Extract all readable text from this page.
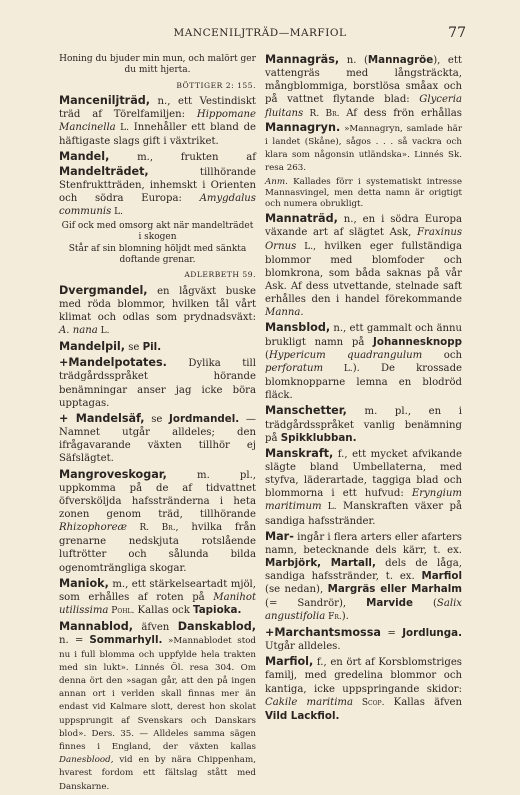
MANCENILJTRÄD—MARFIOL	77
Honing du bjuder min mun, och malört ger du mitt hjerta.
BÖTTIGER 2: 155.

Manceniljträd, n., ett Vestindiskt träd af Törelfamiljen: Hippomane Mancinella L. Innehåller ett bland de häftigaste slags gift i växtriket.

Mandel, m., frukten af Mandelträdet, tillhörande Stenfruktträden, inhemskt i Orienten och södra Europa: Amygdalus communis L.

Gif ock med omsorg akt när mandelträdet i skogen
Står af sin blomning höljdt med sänkta doftande grenar.
ADLERBETH 59.

Dvergmandel, en lågväxt buske med röda blommor, hvilken tål vårt klimat och odlas som prydnadsväxt: A. nana L.

Mandelpil, se Pil.

+Mandelpotates. Dylika till trädgårdsspråket hörande benämningar anser jag icke böra upptagas.

+ Mandelsäf, se Jordmandel. — Namnet utgår alldeles; den ifrågavarande växten tillhör ej Säfslägtet.

Mangroveskogar, m. pl., uppkomma på de af tidvattnet öfversköljda hafsstränderna i heta zonen genom träd, tillhörande Rhizophoreæ R. Br., hvilka från grenarne nedskjuta rotslående luftrötter och sålunda bilda ogenomträngliga skogar.

Maniok, m., ett stärkelseartadt mjöl, som erhålles af roten på Manihot utilissima Pohl. Kallas ock Tapioka.

Mannablod, äfven Danskablod, n. = Sommarhyll. »Mannablodet stod nu i full blomma och uppfylde hela trakten med sin lukt». Linnés Öl. resa 304. Om denna ört den »sagan går, att den på ingen annan ort i verlden skall finnas mer än endast vid Kalmare slott, derest hon skolat uppsprungit af Svenskars och Danskars blod». Ders. 35. — Alldeles samma sägen finnes i England, der växten kallas Danesblood, vid en by nära Chippenham, hvarest fordom ett fältslag stått med Danskarne.

Mannagräs, n. (Mannagröe), ett vattengräs med långsträckta, mångblommiga, borstlösa småax och på vattnet flytande blad: Glyceria fluitans R. Br. Af dess frön erhållas Mannagryn. »Mannagryn, samlade här i landet (Skåne), sågos . . . så vackra och klara som någonsin utländska». Linnés Sk. resa 263.

Anm. Kallades förr i systematiskt intresse Mannasvingel, men detta namn är origtigt och numera obrukligt.

Mannaträd, n., en i södra Europa växande art af slägtet Ask, Fraxinus Ornus L., hvilken eger fullständiga blommor med blomfoder och blomkrona, som båda saknas på vår Ask. Af dess utvettande, stelnade saft erhålles den i handel förekommande Manna.

Mansblod, n., ett gammalt och ännu brukligt namn på Johannesknopp (Hypericum quadrangulum och perforatum L.). De krossade blomknopparne lemna en blodröd fläck.

Manschetter, m. pl., en i trädgårdsspråket vanlig benämning på Spikklubban.

Manskraft, f., ett mycket afvikande slägte bland Umbellaterna, med styfva, läderartade, taggiga blad och blommorna i ett hufvud: Eryngium maritimum L. Manskraften växer på sandiga hafsstränder.

Mar- ingår i flera arters eller afarters namn, betecknande dels kärr, t. ex. Marbjörk, Martall, dels de låga, sandiga hafsstränder, t. ex. Marfiol (se nedan), Margräs eller Marhalm (= Sandrör), Marvide (Salix angustifolia Fr.).

+Marchantsmossa = Jordlunga. Utgår alldeles.

Marfiol, f., en ört af Korsblomstriges familj, med gredelina blommor och kantiga, icke uppspringande skidor: Cakile maritima Scop. Kallas äfven Vild Lackfiol.
